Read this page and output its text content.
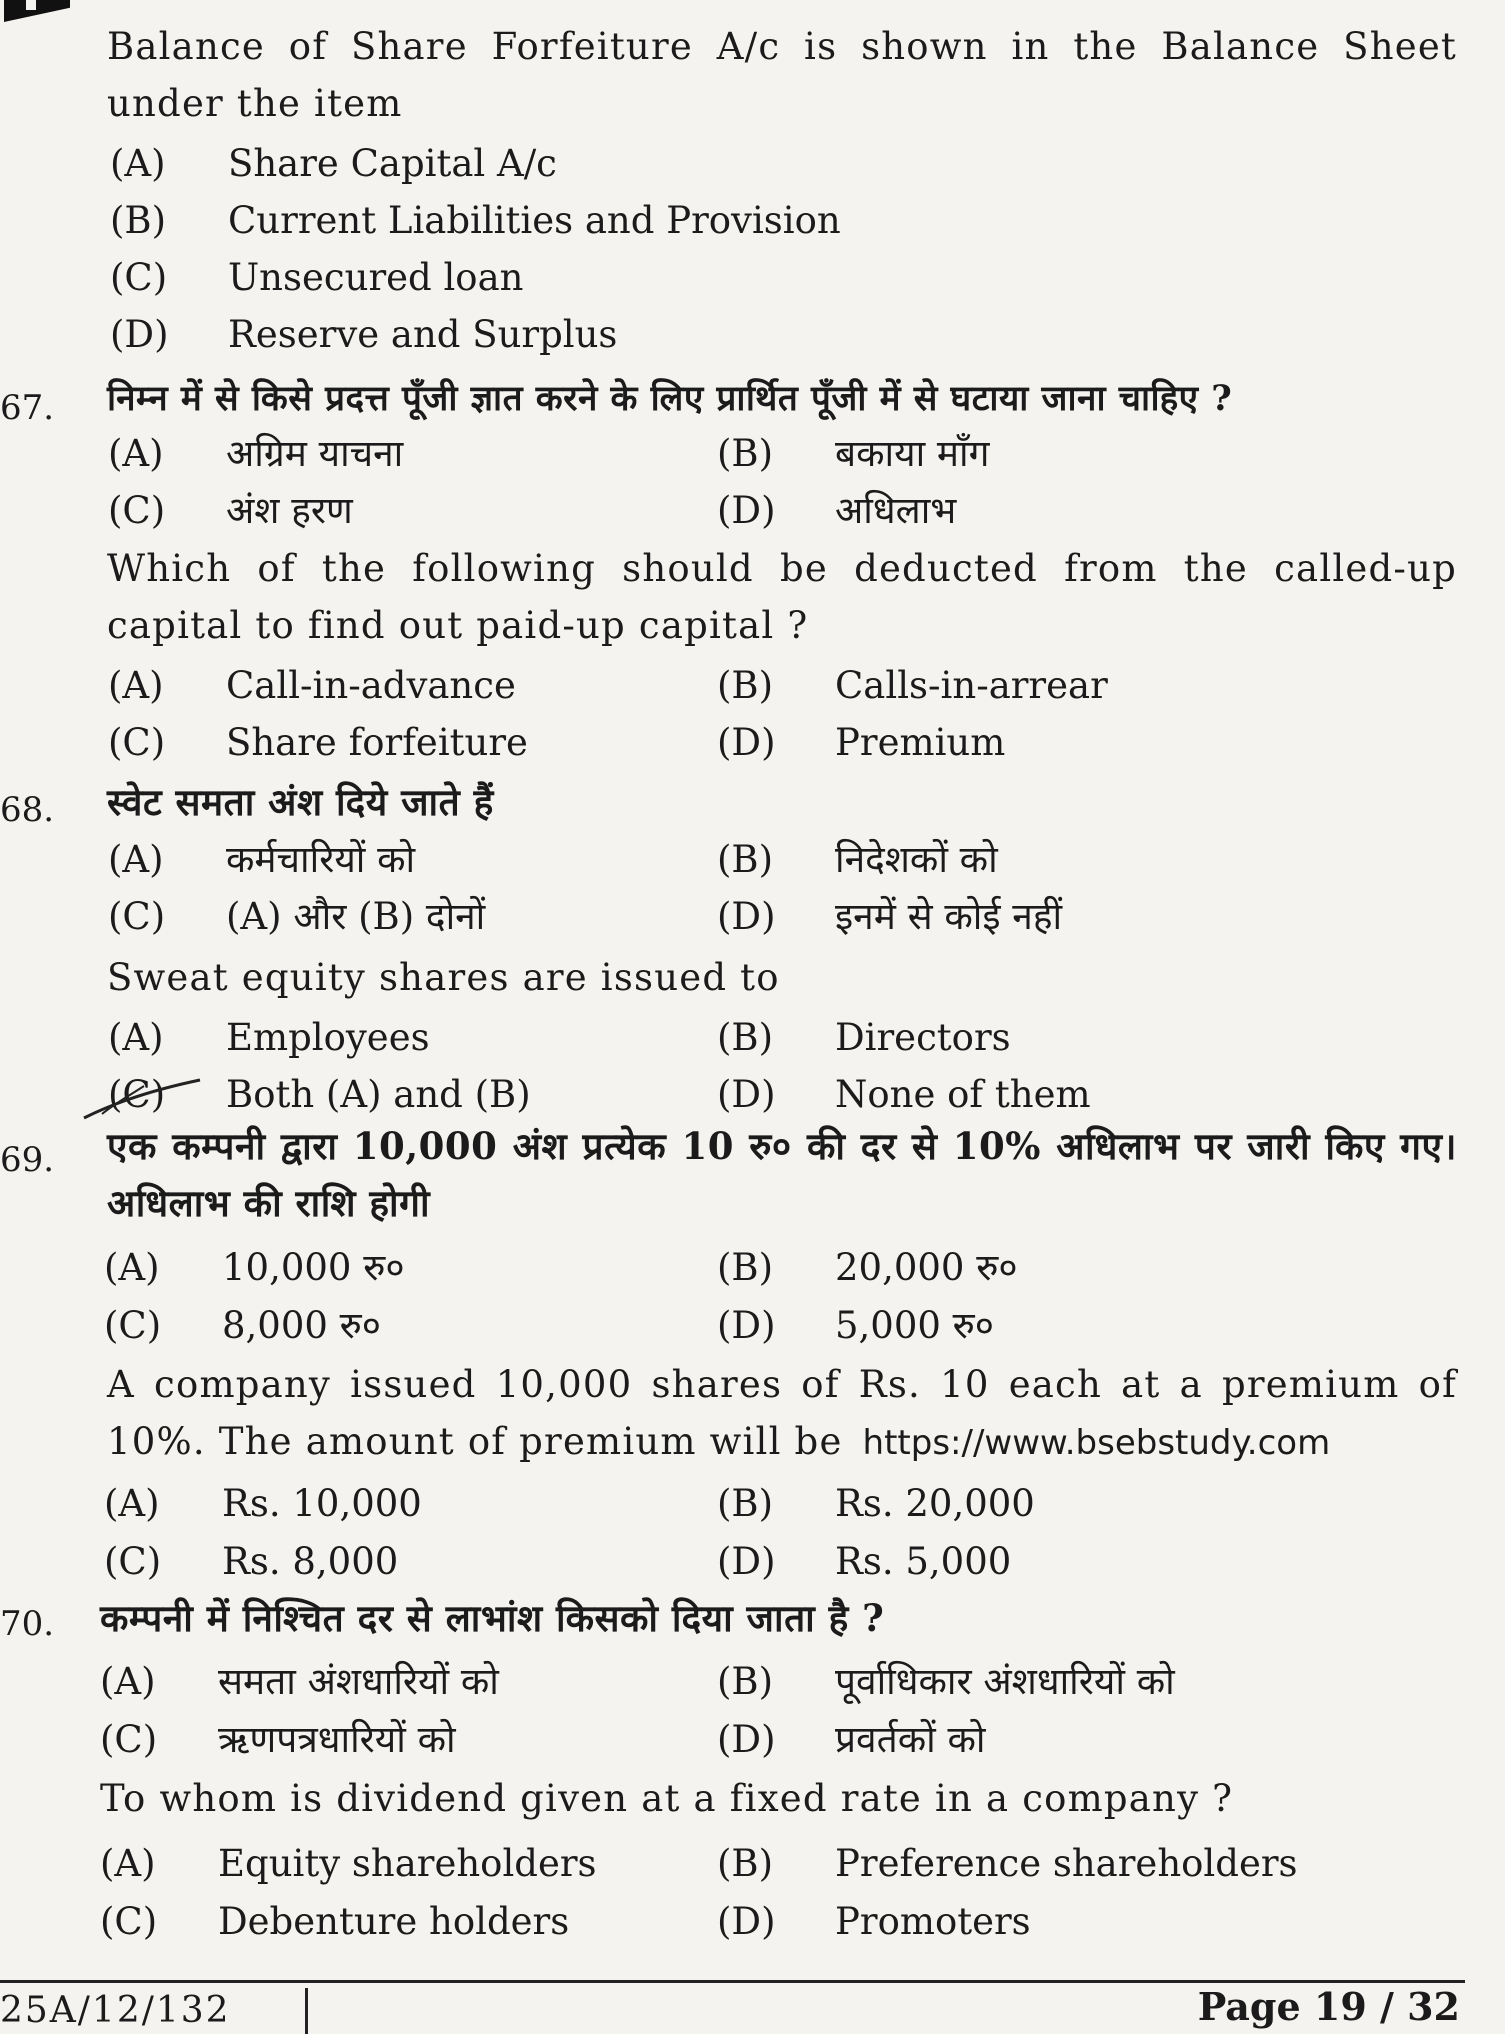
Balance of Share Forfeiture A/c is shown in the Balance Sheet under the item
(A) Share Capital A/c
(B) Current Liabilities and Provision
(C) Unsecured loan
(D) Reserve and Surplus
67. निम्न में से किसे प्रदत्त पूँजी ज्ञात करने के लिए प्रार्थित पूँजी में से घटाया जाना चाहिए ?
(A) अग्रिम याचना	(B) बकाया माँग
(C) अंश हरण	(D) अधिलाभ
Which of the following should be deducted from the called-up capital to find out paid-up capital ?
(A) Call-in-advance	(B) Calls-in-arrear
(C) Share forfeiture	(D) Premium
68. स्वेट समता अंश दिये जाते हैं
(A) कर्मचारियों को	(B) निदेशकों को
(C) (A) और (B) दोनों	(D) इनमें से कोई नहीं
Sweat equity shares are issued to
(A) Employees	(B) Directors
(C) Both (A) and (B)	(D) None of them
69. एक कम्पनी द्वारा 10,000 अंश प्रत्येक 10 रु० की दर से 10% अधिलाभ पर जारी किए गए। अधिलाभ की राशि होगी
(A) 10,000 रु०	(B) 20,000 रु०
(C) 8,000 रु०	(D) 5,000 रु०
A company issued 10,000 shares of Rs. 10 each at a premium of 10%. The amount of premium will be https://www.bsebstudy.com
(A) Rs. 10,000	(B) Rs. 20,000
(C) Rs. 8,000	(D) Rs. 5,000
70. कम्पनी में निश्चित दर से लाभांश किसको दिया जाता है ?
(A) समता अंशधारियों को	(B) पूर्वाधिकार अंशधारियों को
(C) ऋणपत्रधारियों को	(D) प्रवर्तकों को
To whom is dividend given at a fixed rate in a company ?
(A) Equity shareholders	(B) Preference shareholders
(C) Debenture holders	(D) Promoters
25A/12/132	Page 19 / 32
